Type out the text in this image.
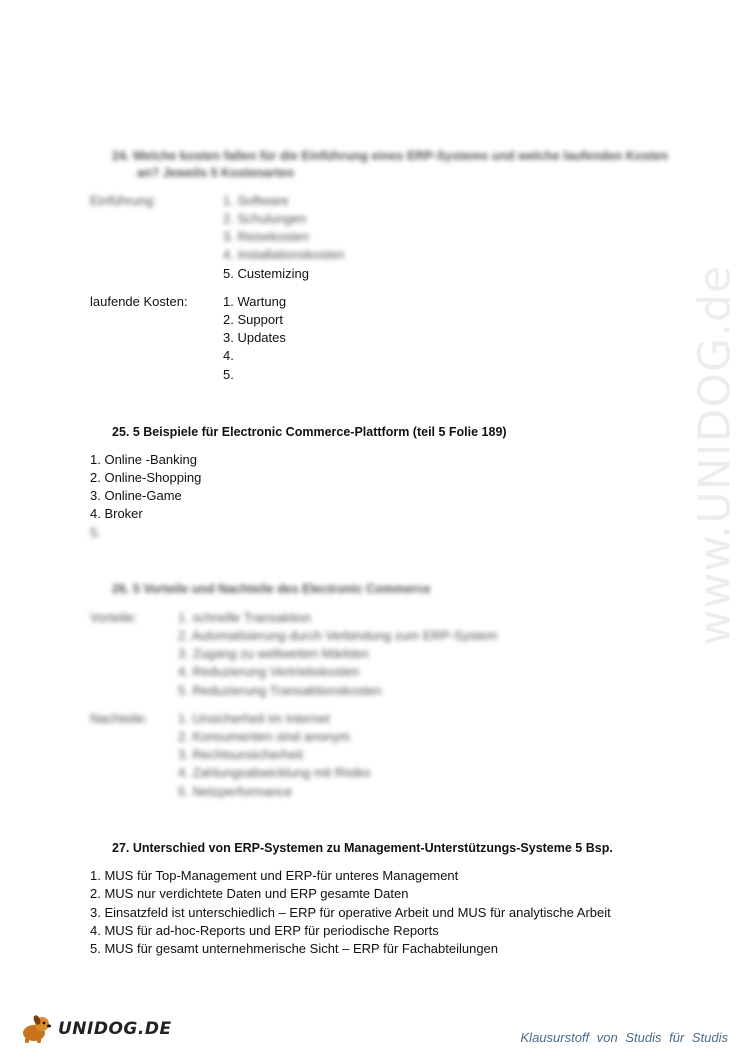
www.UNIDOG.de
24. Welche kosten fallen für die Einführung eines ERP-Systems und welche laufenden Kosten
an? Jeweils 5 Kostenarten
Einführung:	1. Software
2. Schulungen
3. Reisekosten
4. Installationskosten
5. Custemizing
laufende Kosten:	1. Wartung
2. Support
3. Updates
4.
5.
25. 5 Beispiele für Electronic Commerce-Plattform (teil 5 Folie 189)
1. Online -Banking
2. Online-Shopping
3. Online-Game
4. Broker
5.
26. 5 Vorteile und Nachteile des Electronic Commerce
Vorteile:	1. schnelle Transaktion
2. Automatisierung durch Verbindung zum ERP-System
3. Zugang zu weltweiten Märkten
4. Reduzierung Vertriebskosten
5. Reduzierung Transaktionskosten
Nachteile: 1. Unsicherheit im Internet
2. Konsumenten sind anonym
3. Rechtsunsicherheit
4. Zahlungsabwicklung mit Risiko
5. Netzperformance
27. Unterschied von ERP-Systemen zu Management-Unterstützungs-Systeme 5 Bsp.
1. MUS für Top-Management und ERP-für unteres Management
2. MUS nur verdichtete Daten und ERP gesamte Daten
3. Einsatzfeld ist unterschiedlich – ERP für operative Arbeit und MUS für analytische Arbeit
4. MUS für ad-hoc-Reports und ERP für periodische Reports
5. MUS für gesamt unternehmerische Sicht – ERP für Fachabteilungen
UNIDOG.DE	Klausurstoff von Studis für Studis
